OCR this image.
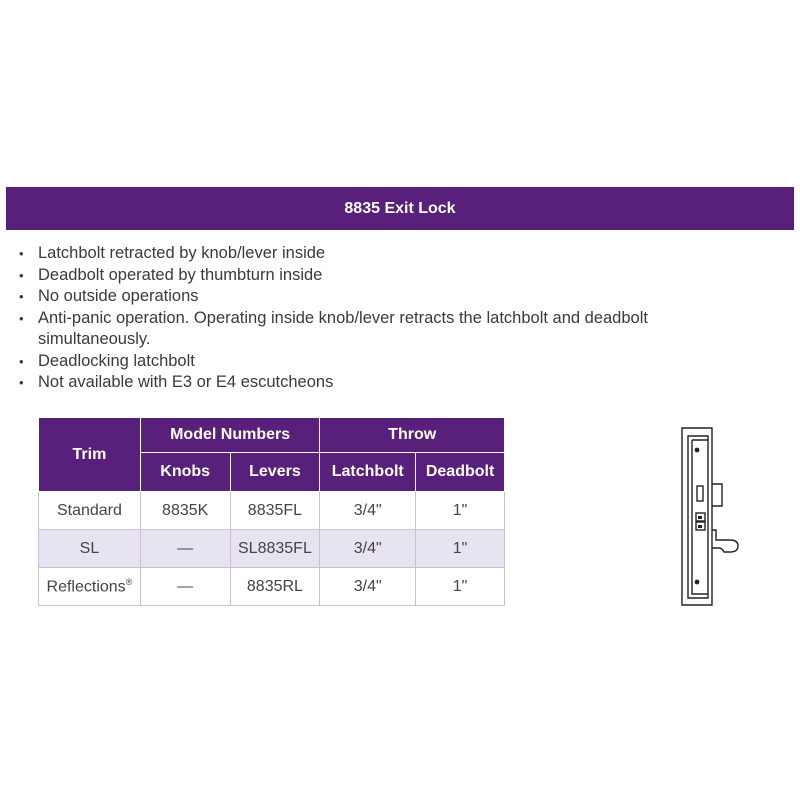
8835 Exit Lock
• Latchbolt retracted by knob/lever inside
• Deadbolt operated by thumbturn inside
• No outside operations
• Anti-panic operation. Operating inside knob/lever retracts the latchbolt and deadbolt simultaneously.
• Deadlocking latchbolt
• Not available with E3 or E4 escutcheons
Trim	Model Numbers		Throw	
	Knobs	Levers	Latchbolt	Deadbolt
Standard	8835K	8835FL	3/4"	1"
SL	—	SL8835FL	3/4"	1"
Reflections®	—	8835RL	3/4"	1"
